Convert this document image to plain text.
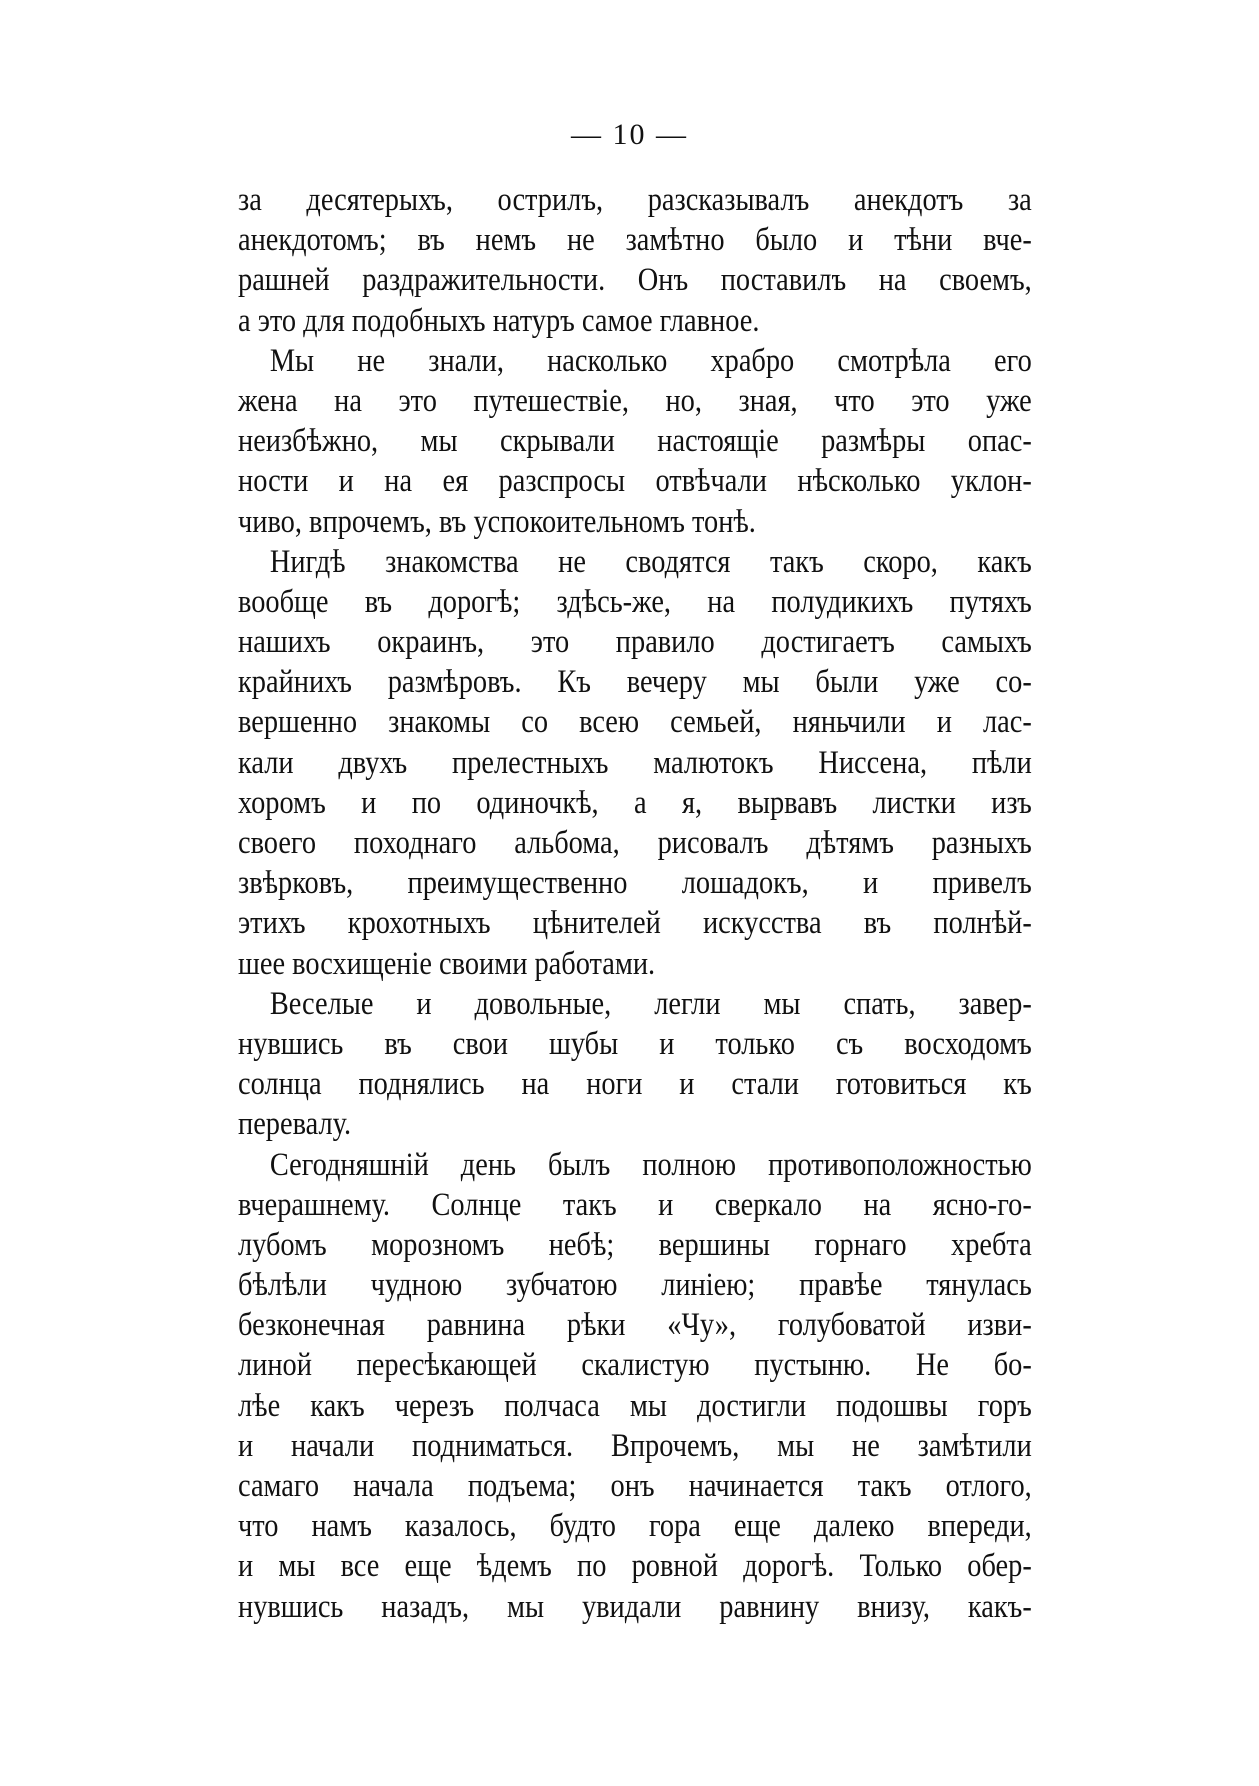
— 10 —
за десятерыхъ, острилъ, разсказывалъ анекдотъ за
анекдотомъ; въ немъ не замѣтно было и тѣни вче-
рашней раздражительности. Онъ поставилъ на своемъ,
а это для подобныхъ натуръ самое главное.
Мы не знали, насколько храбро смотрѣла его
жена на это путешествіе, но, зная, что это уже
неизбѣжно, мы скрывали настоящіе размѣры опас-
ности и на ея разспросы отвѣчали нѣсколько уклон-
чиво, впрочемъ, въ успокоительномъ тонѣ.
Нигдѣ знакомства не сводятся такъ скоро, какъ
вообще въ дорогѣ; здѣсь-же, на полудикихъ путяхъ
нашихъ окраинъ, это правило достигаетъ самыхъ
крайнихъ размѣровъ. Къ вечеру мы были уже со-
вершенно знакомы со всею семьей, няньчили и лас-
кали двухъ прелестныхъ малютокъ Ниссена, пѣли
хоромъ и по одиночкѣ, а я, вырвавъ листки изъ
своего походнаго альбома, рисовалъ дѣтямъ разныхъ
звѣрковъ, преимущественно лошадокъ, и привелъ
этихъ крохотныхъ цѣнителей искусства въ полнѣй-
шее восхищеніе своими работами.
Веселые и довольные, легли мы спать, завер-
нувшись въ свои шубы и только съ восходомъ
солнца поднялись на ноги и стали готовиться къ
перевалу.
Сегодняшній день былъ полною противоположностью
вчерашнему. Солнце такъ и сверкало на ясно-го-
лубомъ морозномъ небѣ; вершины горнаго хребта
бѣлѣли чудною зубчатою линіею; правѣе тянулась
безконечная равнина рѣки «Чу», голубоватой изви-
линой пересѣкающей скалистую пустыню. Не бо-
лѣе какъ черезъ полчаса мы достигли подошвы горъ
и начали подниматься. Впрочемъ, мы не замѣтили
самаго начала подъема; онъ начинается такъ отлого,
что намъ казалось, будто гора еще далеко впереди,
и мы все еще ѣдемъ по ровной дорогѣ. Только обер-
нувшись назадъ, мы увидали равнину внизу, какъ-
